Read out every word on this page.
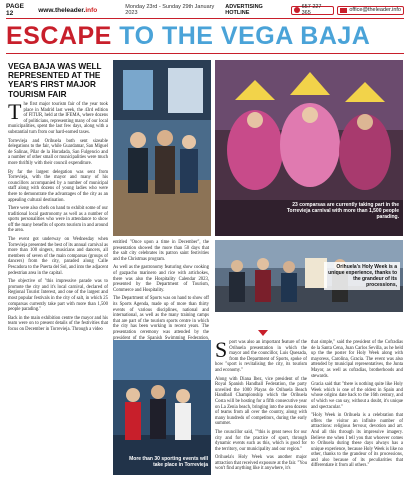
PAGE 12	www.theleader.info	Monday 23rd - Sunday 29th January 2023
ADVERTISING HOTLINE
657 227 365	office@theleader.info
ESCAPE TO THE VEGA BAJA
VEGA BAJA WAS WELL REPRESENTED AT THE YEAR'S FIRST MAJOR TOURISM FAIR

The first major tourism fair of the year took place in Madrid last week, the 43rd edition of FITUR, held at the IFEMA, where dozens of politicians, representing many of our local municipalities, spent the last few days, along with a substantial turn from our hard-earned taxes.

Torrevieja and Orihuela both sent sizeable delegations to the fair, while Guardamar, San Miguel de Salinas, Pilar de la Horadada, San Fulgencio and a number of other small or municipalities were much more thriftily with their council expenditure.

By far the largest delegation was sent from Torrevieja, with the mayor and many of his councillors accompanied by a number of municipal staff along with dozens of young ladies who were there to demonstrate the advantages of the city as an appealing cultural destination.

There were also chefs on hand to exhibit some of our traditional local gastronomy as well as a number of sports personalities who were in attendance to show off the many benefits of sports tourism in and around the area.

The event got underway on Wednesday when Torrevieja presented the best of its annual carnival as more than 100 singers, musicians and dancers, all members of seven of the main comparsas (groups of dancers) from the city, paraded along Calle Pescadora to the Puerta del Sol, and into the adjacent pedestrian area in the capital.

The objective of "this impressive parade was to promote the city and it's local carnival, declared of Regional Tourist Interest, and one of the largest and most popular festivals in the city of salt, in which 25 comparsas currently take part with more than 1,500 people parading."

Back in the main exhibition centre the mayor and his team were on to present details of the festivities that focus on December in Torrevieja. Through a video

23 comparsas are currently taking part in the Torrevieja carnival with more than 1,500 people parading.

entitled "Once upon a time in December", the presentation showed the more than 50 days that the salt city celebrates its patron saint festivities and the Christmas program.

As well as the gastronomy featuring show cooking of gazpacho marinero and rice with artichokes, there was also the Hospitality Calendar 2023, presented by the Department of Tourism, Commerce and Hospitality.

The Department of Sports was on hand to show off its Sports Agenda, made up of more than thirty events of various disciplines, national and international, as well as the many training camps that are part of the tourism sports centre in which the city has been working in recent years. The presentation ceremony was attended by the president of the Spanish Swimming Federation,

Orihuela's Holy Week is a unique experience, thanks to the grandeur of its processions,

Sport was also an important feature of the Orihuela presentation in which the mayor and the councillor, Luis Quesada, from the Department of Sports, spoke of how "sport is revitalising the city, its tourism and economy."

Along with Diana Ibez, vice president of the Royal Spanish Handball Federation, the party unveiled the 1000 Playas de Orihuela Beach Handball Championship which the Orihuela Costa will be hosting for a fifth consecutive year on La Zenia beach, bringing into the area dozens of teams from all over the country, along with many hundreds of competitors, during the early summer.

The councillor said, ""this is great news for our city and for the practice of sport, through dynamic events such as this, which is good for the territory, our municipality and our region."

Orihuela's Holy Week was another major attraction that received exposure at the fair. "You won't find anything like it anywhere, it's

that simple," said the president of the Cofradías de la Santa Cena, Juan Carlos Sevilla, as he held up the the poster for Holy Week along with mayoress, Carolina, Gracia. The event was also attended by municipal representatives, the Junta Mayor, as well as cofradías, brotherhoods and stewards.

Gracia said that "there is nothing quite like Holy Week which is one of the oldest in Spain and whose origins date back to the 16th century, and of which we can say, without a doubt, it's unique and spectacular."

"Holy Week in Orihuela is a celebration that offers the visitor an infinite number of attractions: religious fervour, devotion and art. And all this through its impressive imagery. Believe me when I tell you that whoever comes to Orihuela during these days always has a unique experience, because Holy Week is like no other, thanks to the grandeur of its processions, and also because of its peculiarities that differentiate it from all others."

More than 30 sporting events will take place in Torrevieja
